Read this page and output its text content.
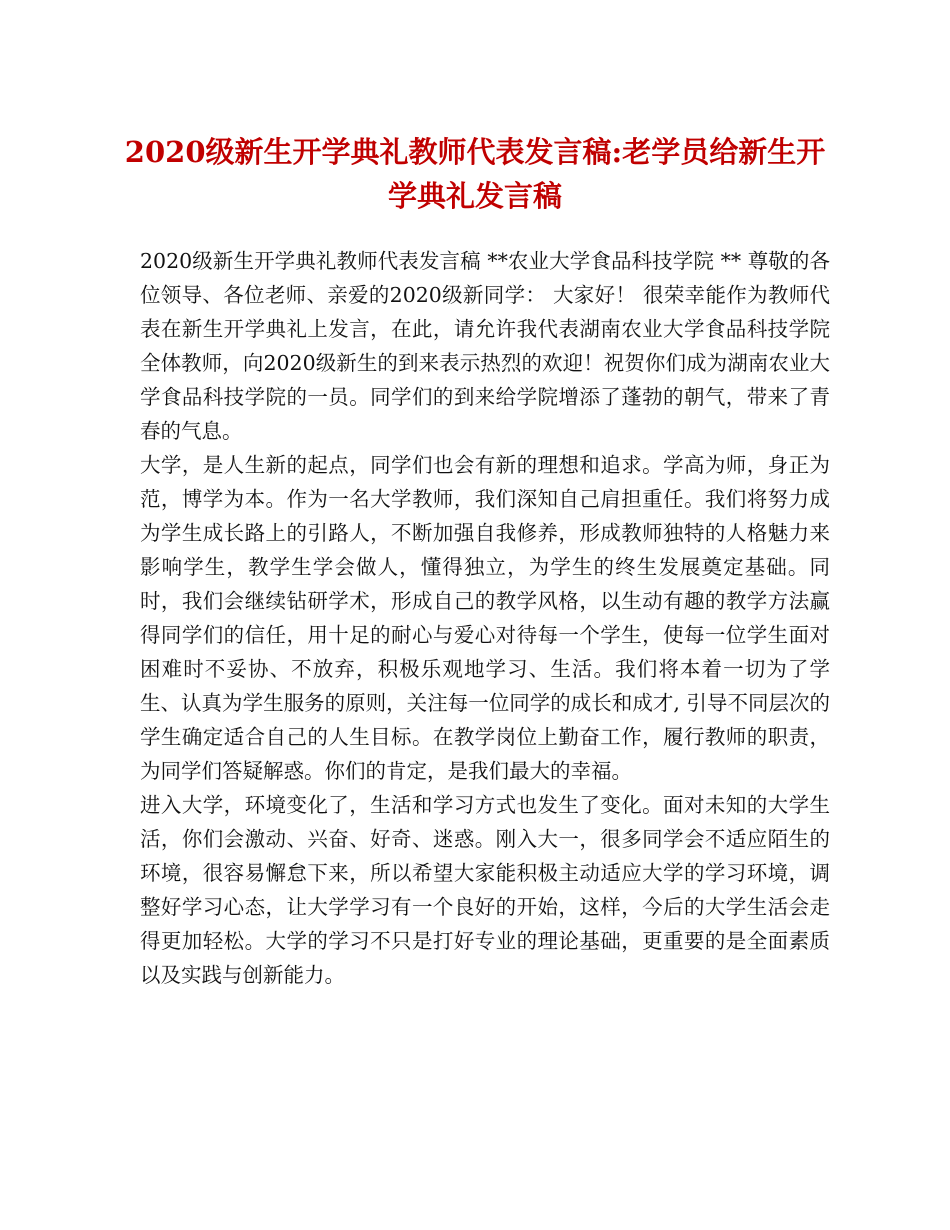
2020级新生开学典礼教师代表发言稿:老学员给新生开
学典礼发言稿

2020级新生开学典礼教师代表发言稿 **农业大学食品科技学院 ** 尊敬的各位领导、各位老师、亲爱的2020级新同学： 大家好！ 很荣幸能作为教师代表在新生开学典礼上发言，在此，请允许我代表湖南农业大学食品科技学院全体教师，向2020级新生的到来表示热烈的欢迎！祝贺你们成为湖南农业大学食品科技学院的一员。同学们的到来给学院增添了蓬勃的朝气，带来了青春的气息。

大学，是人生新的起点，同学们也会有新的理想和追求。学高为师，身正为范，博学为本。作为一名大学教师，我们深知自己肩担重任。我们将努力成为学生成长路上的引路人，不断加强自我修养，形成教师独特的人格魅力来影响学生，教学生学会做人，懂得独立，为学生的终生发展奠定基础。同时，我们会继续钻研学术，形成自己的教学风格，以生动有趣的教学方法赢得同学们的信任，用十足的耐心与爱心对待每一个学生，使每一位学生面对困难时不妥协、不放弃，积极乐观地学习、生活。我们将本着一切为了学生、认真为学生服务的原则，关注每一位同学的成长和成才, 引导不同层次的学生确定适合自己的人生目标。在教学岗位上勤奋工作，履行教师的职责，为同学们答疑解惑。你们的肯定，是我们最大的幸福。

进入大学，环境变化了，生活和学习方式也发生了变化。面对未知的大学生活，你们会激动、兴奋、好奇、迷惑。刚入大一，很多同学会不适应陌生的环境，很容易懈怠下来，所以希望大家能积极主动适应大学的学习环境，调整好学习心态，让大学学习有一个良好的开始，这样，今后的大学生活会走得更加轻松。大学的学习不只是打好专业的理论基础，更重要的是全面素质以及实践与创新能力。
